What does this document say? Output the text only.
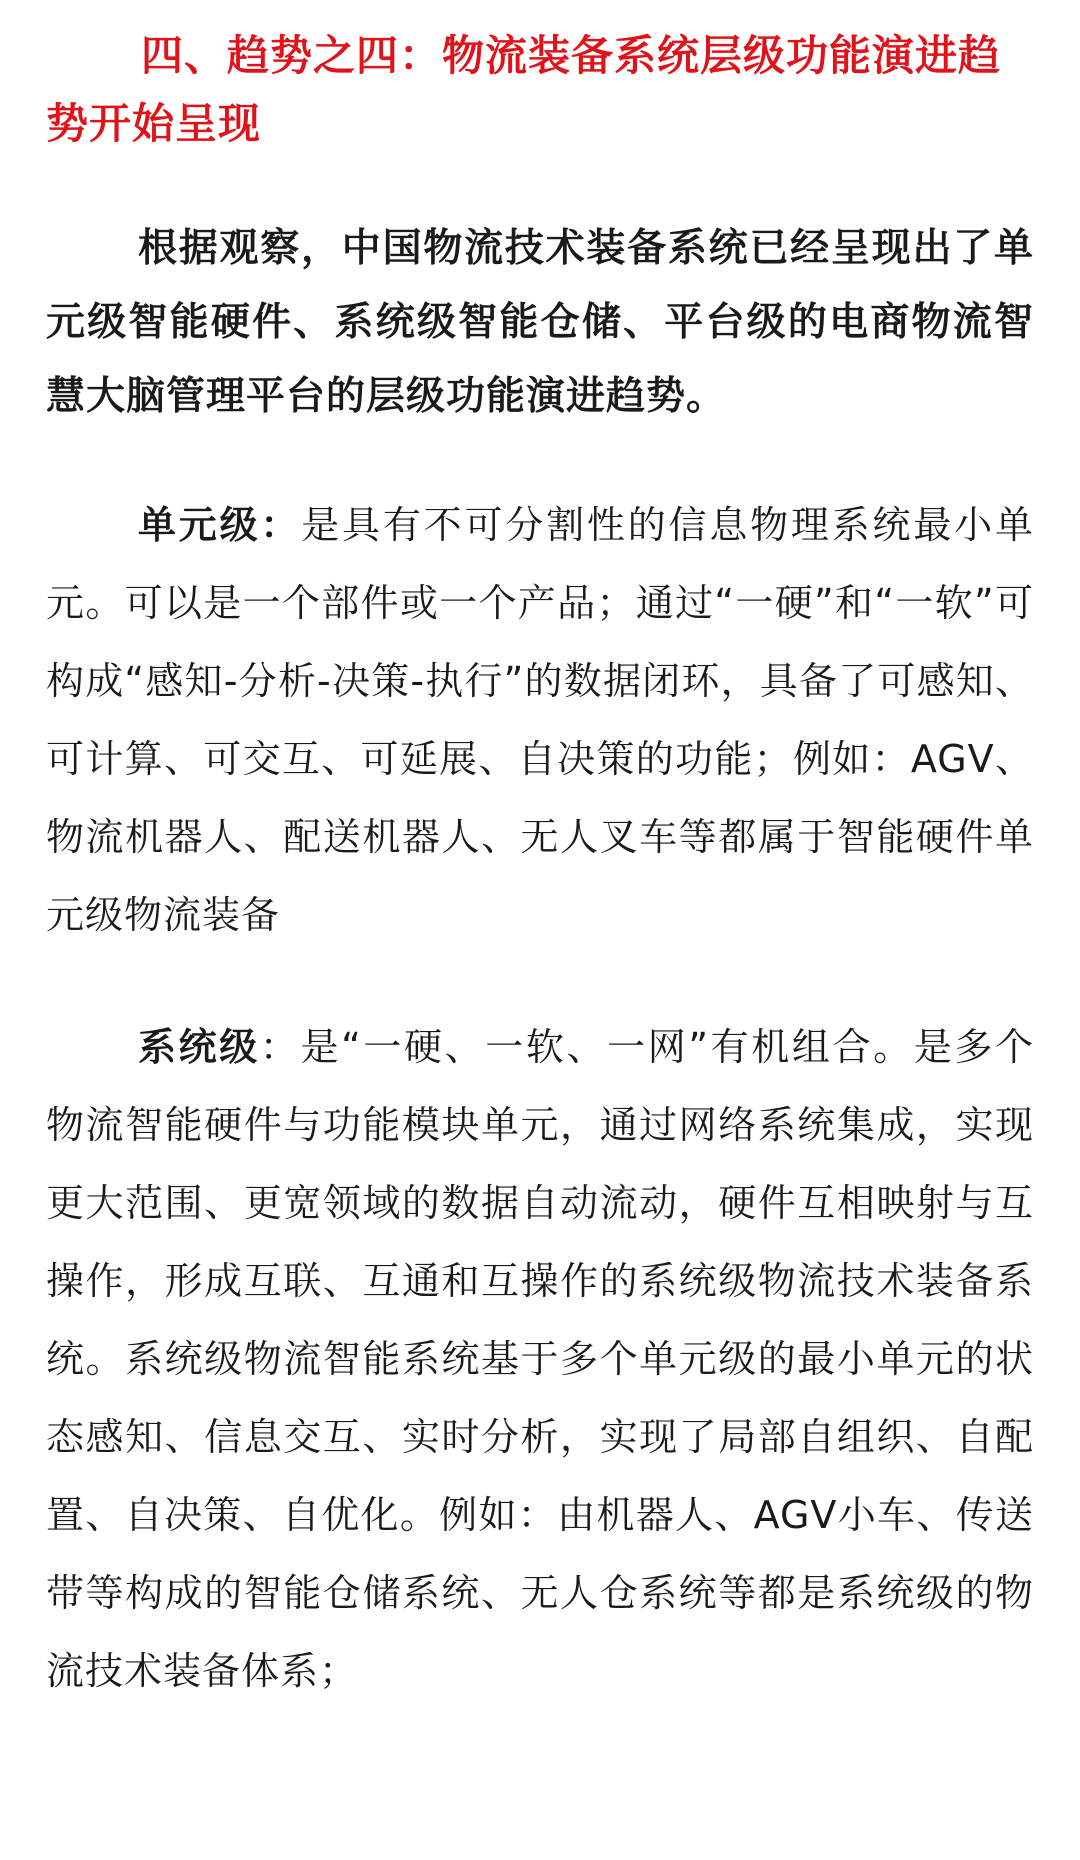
四、趋势之四：物流装备系统层级功能演进趋势开始呈现

根据观察，中国物流技术装备系统已经呈现出了单元级智能硬件、系统级智能仓储、平台级的电商物流智慧大脑管理平台的层级功能演进趋势。

单元级：是具有不可分割性的信息物理系统最小单元。可以是一个部件或一个产品；通过“一硬”和“一软”可构成“感知-分析-决策-执行”的数据闭环，具备了可感知、可计算、可交互、可延展、自决策的功能；例如：AGV、物流机器人、配送机器人、无人叉车等都属于智能硬件单元级物流装备

系统级：是“一硬、一软、一网”有机组合。是多个物流智能硬件与功能模块单元，通过网络系统集成，实现更大范围、更宽领域的数据自动流动，硬件互相映射与互操作，形成互联、互通和互操作的系统级物流技术装备系统。系统级物流智能系统基于多个单元级的最小单元的状态感知、信息交互、实时分析，实现了局部自组织、自配置、自决策、自优化。例如：由机器人、AGV小车、传送带等构成的智能仓储系统、无人仓系统等都是系统级的物流技术装备体系；
